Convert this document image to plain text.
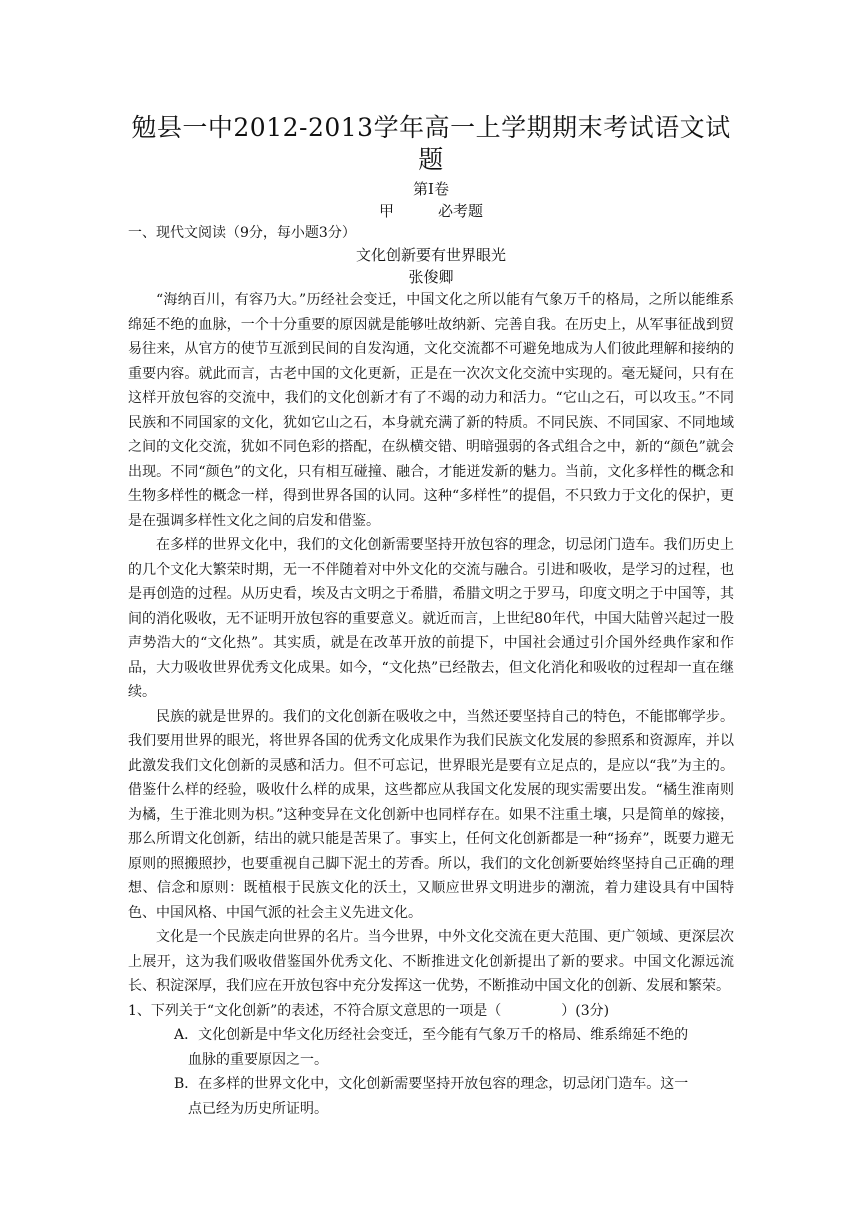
勉县一中2012-2013学年高一上学期期末考试语文试题
第Ⅰ卷
甲	必考题
一、现代文阅读（9分，每小题3分）
文化创新要有世界眼光
张俊卿

“海纳百川，有容乃大。”历经社会变迁，中国文化之所以能有气象万千的格局，之所以能维系绵延不绝的血脉，一个十分重要的原因就是能够吐故纳新、完善自我。在历史上，从军事征战到贸易往来，从官方的使节互派到民间的自发沟通，文化交流都不可避免地成为人们彼此理解和接纳的重要内容。就此而言，古老中国的文化更新，正是在一次次文化交流中实现的。毫无疑问，只有在这样开放包容的交流中，我们的文化创新才有了不竭的动力和活力。“它山之石，可以攻玉。”不同民族和不同国家的文化，犹如它山之石，本身就充满了新的特质。不同民族、不同国家、不同地域之间的文化交流，犹如不同色彩的搭配，在纵横交错、明暗强弱的各式组合之中，新的“颜色”就会出现。不同“颜色”的文化，只有相互碰撞、融合，才能迸发新的魅力。当前，文化多样性的概念和生物多样性的概念一样，得到世界各国的认同。这种“多样性”的提倡，不只致力于文化的保护，更是在强调多样性文化之间的启发和借鉴。

在多样的世界文化中，我们的文化创新需要坚持开放包容的理念，切忌闭门造车。我们历史上的几个文化大繁荣时期，无一不伴随着对中外文化的交流与融合。引进和吸收，是学习的过程，也是再创造的过程。从历史看，埃及古文明之于希腊，希腊文明之于罗马，印度文明之于中国等，其间的消化吸收，无不证明开放包容的重要意义。就近而言，上世纪80年代，中国大陆曾兴起过一股声势浩大的“文化热”。其实质，就是在改革开放的前提下，中国社会通过引介国外经典作家和作品，大力吸收世界优秀文化成果。如今，“文化热”已经散去，但文化消化和吸收的过程却一直在继续。

民族的就是世界的。我们的文化创新在吸收之中，当然还要坚持自己的特色，不能邯郸学步。我们要用世界的眼光，将世界各国的优秀文化成果作为我们民族文化发展的参照系和资源库，并以此激发我们文化创新的灵感和活力。但不可忘记，世界眼光是要有立足点的，是应以“我”为主的。借鉴什么样的经验，吸收什么样的成果，这些都应从我国文化发展的现实需要出发。“橘生淮南则为橘，生于淮北则为枳。”这种变异在文化创新中也同样存在。如果不注重土壤，只是简单的嫁接，那么所谓文化创新，结出的就只能是苦果了。事实上，任何文化创新都是一种“扬弃”，既要力避无原则的照搬照抄，也要重视自己脚下泥土的芳香。所以，我们的文化创新要始终坚持自己正确的理想、信念和原则：既植根于民族文化的沃土，又顺应世界文明进步的潮流，着力建设具有中国特色、中国风格、中国气派的社会主义先进文化。

文化是一个民族走向世界的名片。当今世界，中外文化交流在更大范围、更广领域、更深层次上展开，这为我们吸收借鉴国外优秀文化、不断推进文化创新提出了新的要求。中国文化源远流长、积淀深厚，我们应在开放包容中充分发挥这一优势，不断推动中国文化的创新、发展和繁荣。

1、下列关于“文化创新”的表述，不符合原文意思的一项是（	）(3分)
A．文化创新是中华文化历经社会变迁，至今能有气象万千的格局、维系绵延不绝的
血脉的重要原因之一。
B．在多样的世界文化中，文化创新需要坚持开放包容的理念，切忌闭门造车。这一
点已经为历史所证明。
